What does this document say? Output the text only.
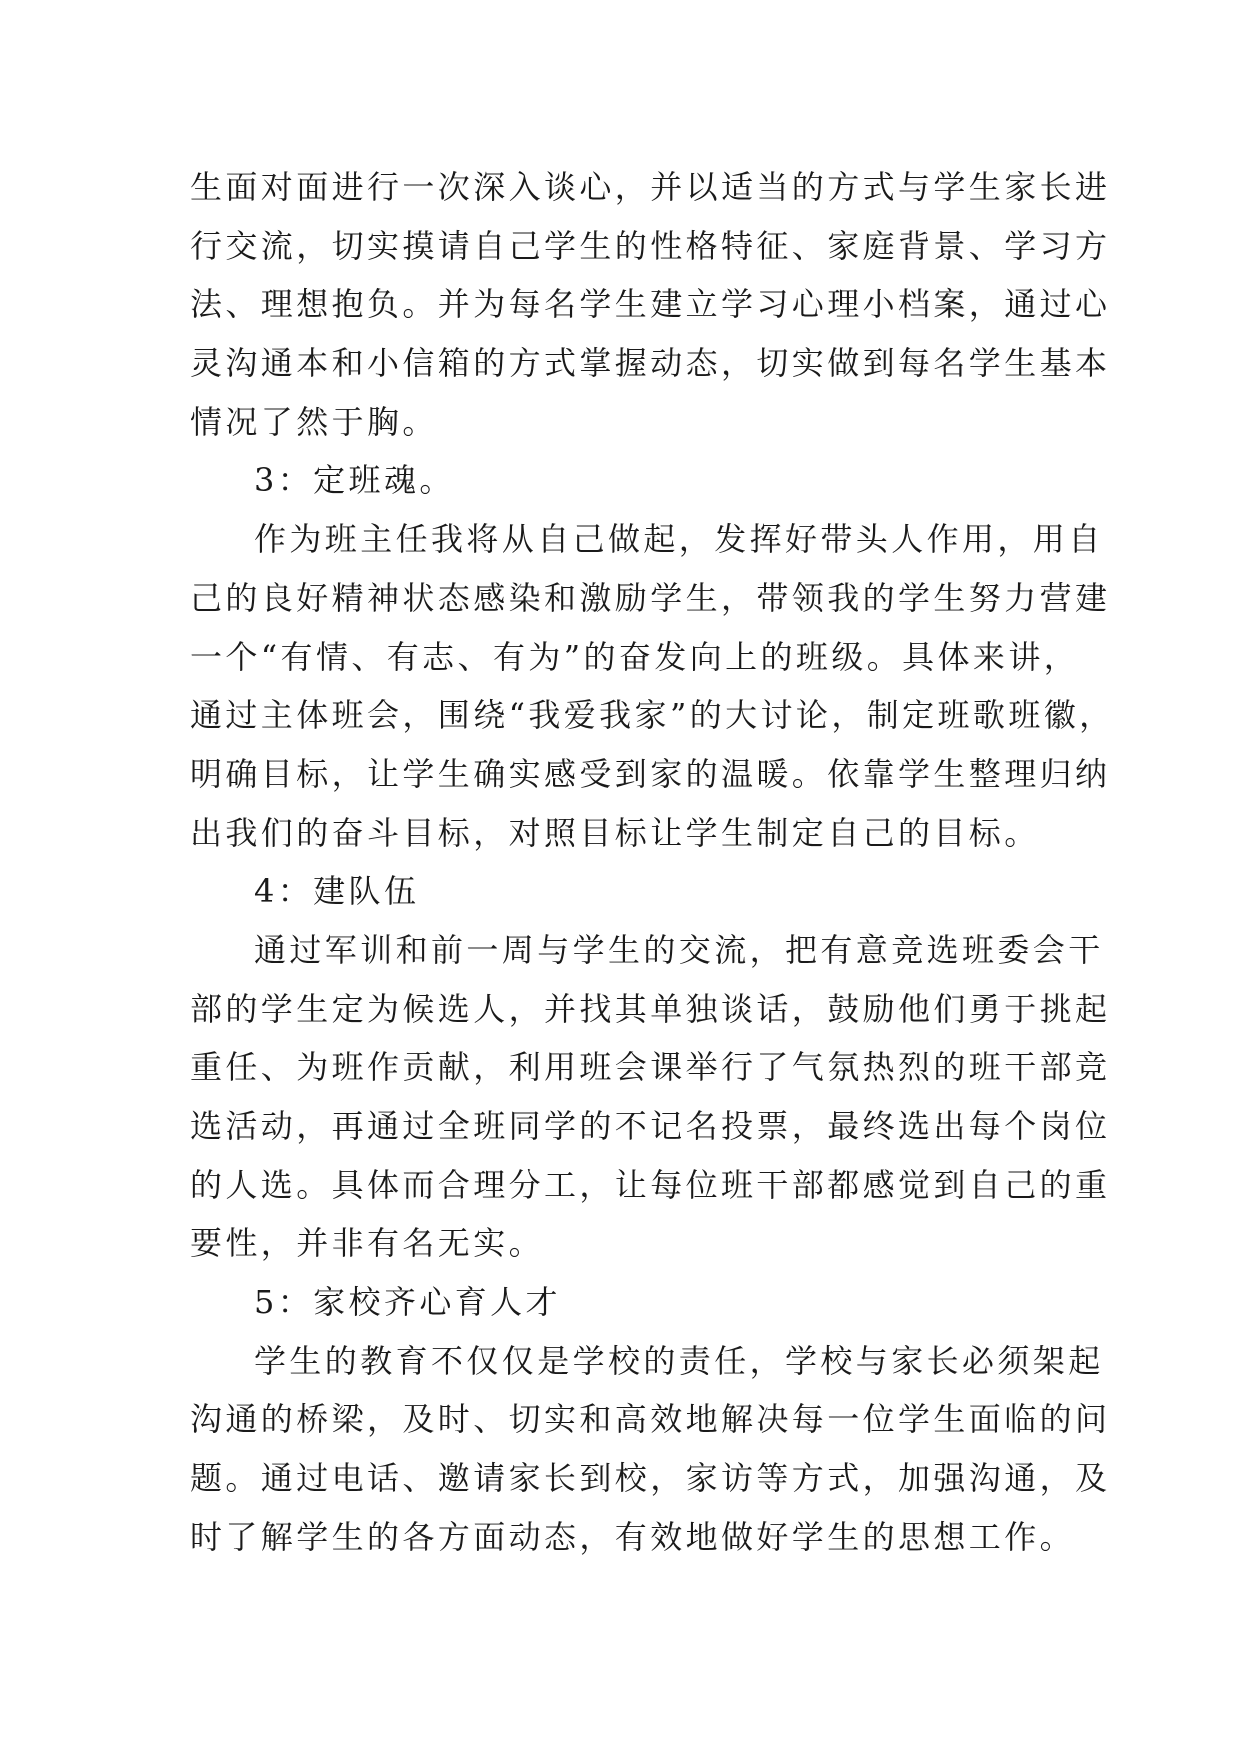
生面对面进行一次深入谈心，并以适当的方式与学生家长进
行交流，切实摸请自己学生的性格特征、家庭背景、学习方
法、理想抱负。并为每名学生建立学习心理小档案，通过心
灵沟通本和小信箱的方式掌握动态，切实做到每名学生基本
情况了然于胸。
3：定班魂。
作为班主任我将从自己做起，发挥好带头人作用，用自
己的良好精神状态感染和激励学生，带领我的学生努力营建
一个“有情、有志、有为”的奋发向上的班级。具体来讲，
通过主体班会，围绕“我爱我家”的大讨论，制定班歌班徽，
明确目标，让学生确实感受到家的温暖。依靠学生整理归纳
出我们的奋斗目标，对照目标让学生制定自己的目标。
4：建队伍
通过军训和前一周与学生的交流，把有意竞选班委会干
部的学生定为候选人，并找其单独谈话，鼓励他们勇于挑起
重任、为班作贡献，利用班会课举行了气氛热烈的班干部竞
选活动，再通过全班同学的不记名投票，最终选出每个岗位
的人选。具体而合理分工，让每位班干部都感觉到自己的重
要性，并非有名无实。
5：家校齐心育人才
学生的教育不仅仅是学校的责任，学校与家长必须架起
沟通的桥梁，及时、切实和高效地解决每一位学生面临的问
题。通过电话、邀请家长到校，家访等方式，加强沟通，及
时了解学生的各方面动态，有效地做好学生的思想工作。
